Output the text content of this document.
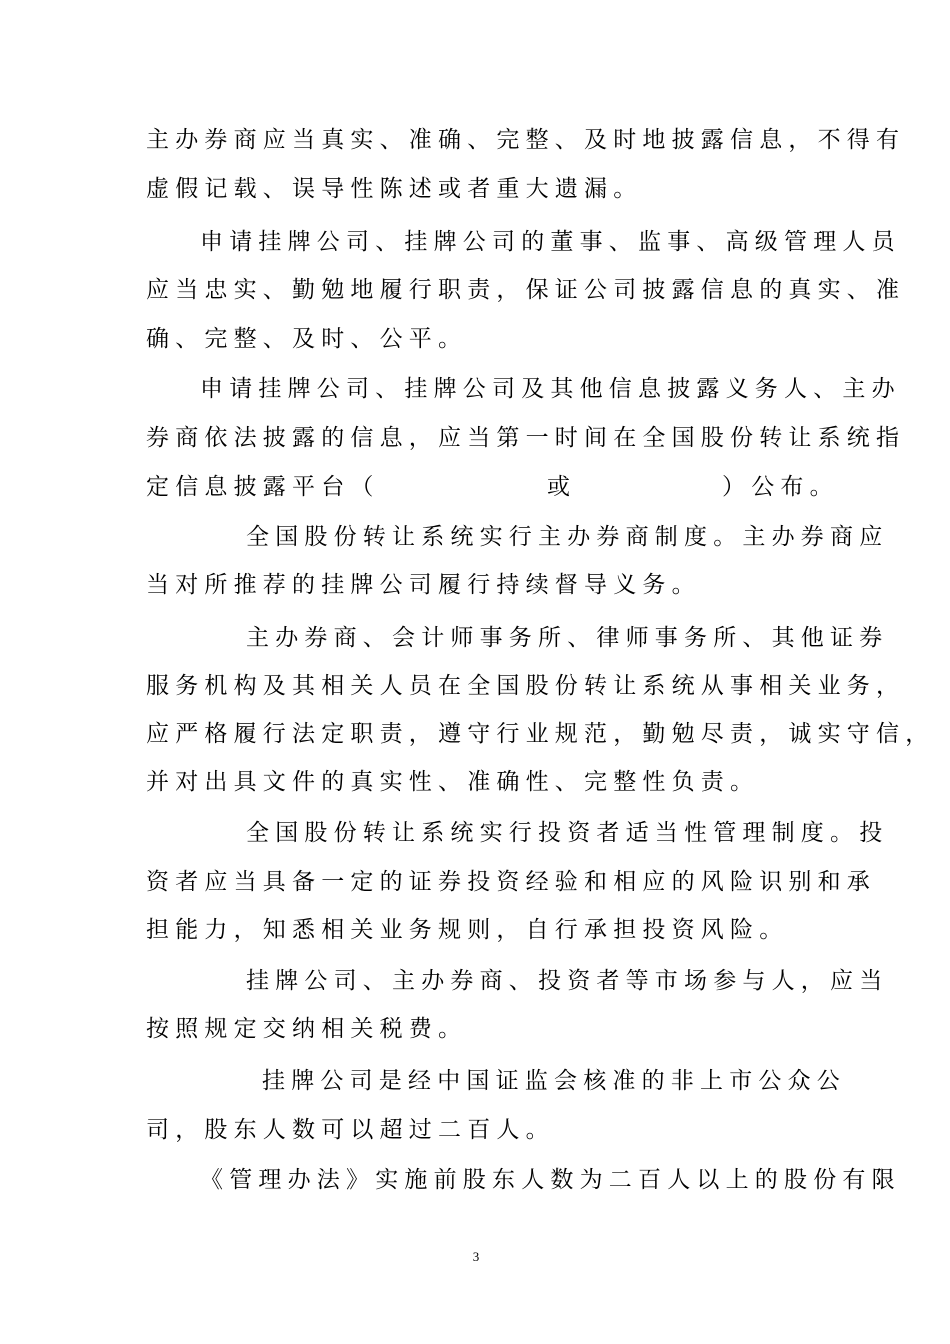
主办券商应当真实、准确、完整、及时地披露信息，不得有
虚假记载、误导性陈述或者重大遗漏。
申请挂牌公司、挂牌公司的董事、监事、高级管理人员
应当忠实、勤勉地履行职责，保证公司披露信息的真实、准
确、完整、及时、公平。
申请挂牌公司、挂牌公司及其他信息披露义务人、主办
券商依法披露的信息，应当第一时间在全国股份转让系统指
定信息披露平台（	或	）公布。
全国股份转让系统实行主办券商制度。主办券商应
当对所推荐的挂牌公司履行持续督导义务。
主办券商、会计师事务所、律师事务所、其他证券
服务机构及其相关人员在全国股份转让系统从事相关业务，
应严格履行法定职责，遵守行业规范，勤勉尽责，诚实守信，
并对出具文件的真实性、准确性、完整性负责。
全国股份转让系统实行投资者适当性管理制度。投
资者应当具备一定的证券投资经验和相应的风险识别和承
担能力，知悉相关业务规则，自行承担投资风险。
挂牌公司、主办券商、投资者等市场参与人，应当
按照规定交纳相关税费。
挂牌公司是经中国证监会核准的非上市公众公
司，股东人数可以超过二百人。
《管理办法》实施前股东人数为二百人以上的股份有限
3
